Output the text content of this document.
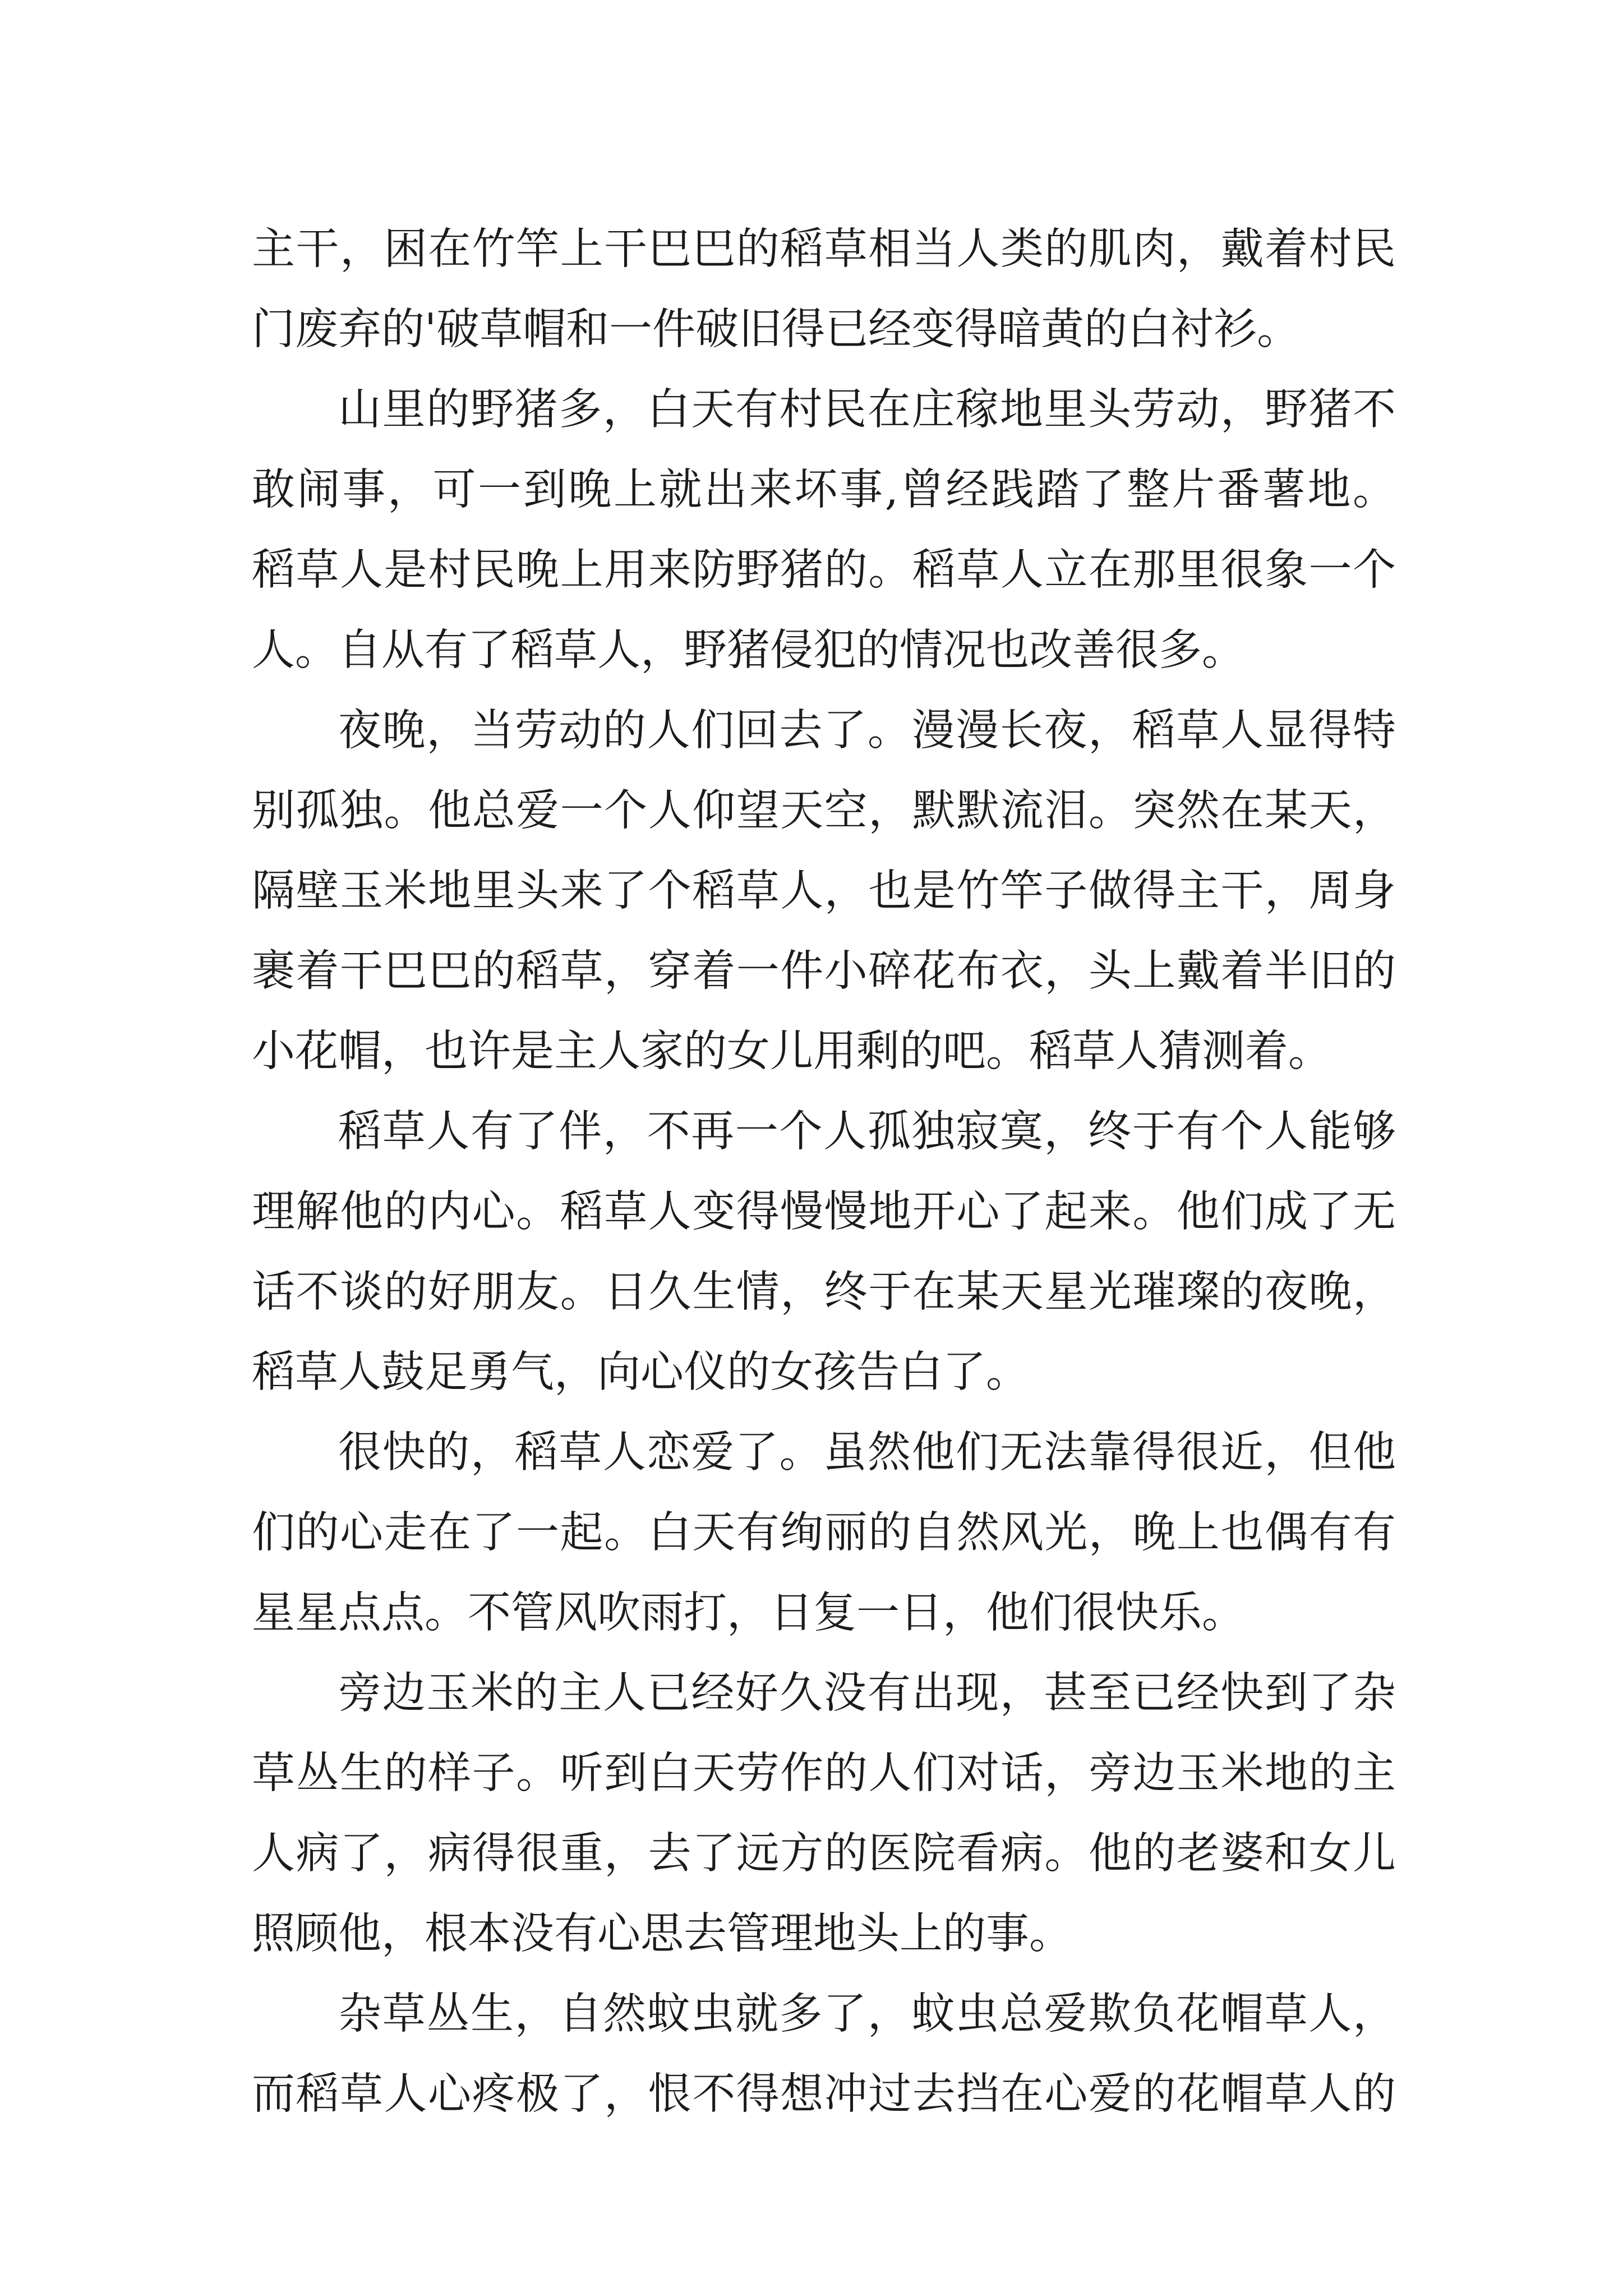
主干，困在竹竿上干巴巴的稻草相当人类的肌肉，戴着村民
门废弃的'破草帽和一件破旧得已经变得暗黄的白衬衫。
山里的野猪多，白天有村民在庄稼地里头劳动，野猪不
敢闹事，可一到晚上就出来坏事,曾经践踏了整片番薯地。
稻草人是村民晚上用来防野猪的。稻草人立在那里很象一个
人。自从有了稻草人，野猪侵犯的情况也改善很多。
夜晚，当劳动的人们回去了。漫漫长夜，稻草人显得特
别孤独。他总爱一个人仰望天空，默默流泪。突然在某天，
隔壁玉米地里头来了个稻草人，也是竹竿子做得主干，周身
裹着干巴巴的稻草，穿着一件小碎花布衣，头上戴着半旧的
小花帽，也许是主人家的女儿用剩的吧。稻草人猜测着。
稻草人有了伴，不再一个人孤独寂寞，终于有个人能够
理解他的内心。稻草人变得慢慢地开心了起来。他们成了无
话不谈的好朋友。日久生情，终于在某天星光璀璨的夜晚，
稻草人鼓足勇气，向心仪的女孩告白了。
很快的，稻草人恋爱了。虽然他们无法靠得很近，但他
们的心走在了一起。白天有绚丽的自然风光，晚上也偶有有
星星点点。不管风吹雨打，日复一日，他们很快乐。
旁边玉米的主人已经好久没有出现，甚至已经快到了杂
草丛生的样子。听到白天劳作的人们对话，旁边玉米地的主
人病了，病得很重，去了远方的医院看病。他的老婆和女儿
照顾他，根本没有心思去管理地头上的事。
杂草丛生，自然蚊虫就多了，蚊虫总爱欺负花帽草人，
而稻草人心疼极了，恨不得想冲过去挡在心爱的花帽草人的
